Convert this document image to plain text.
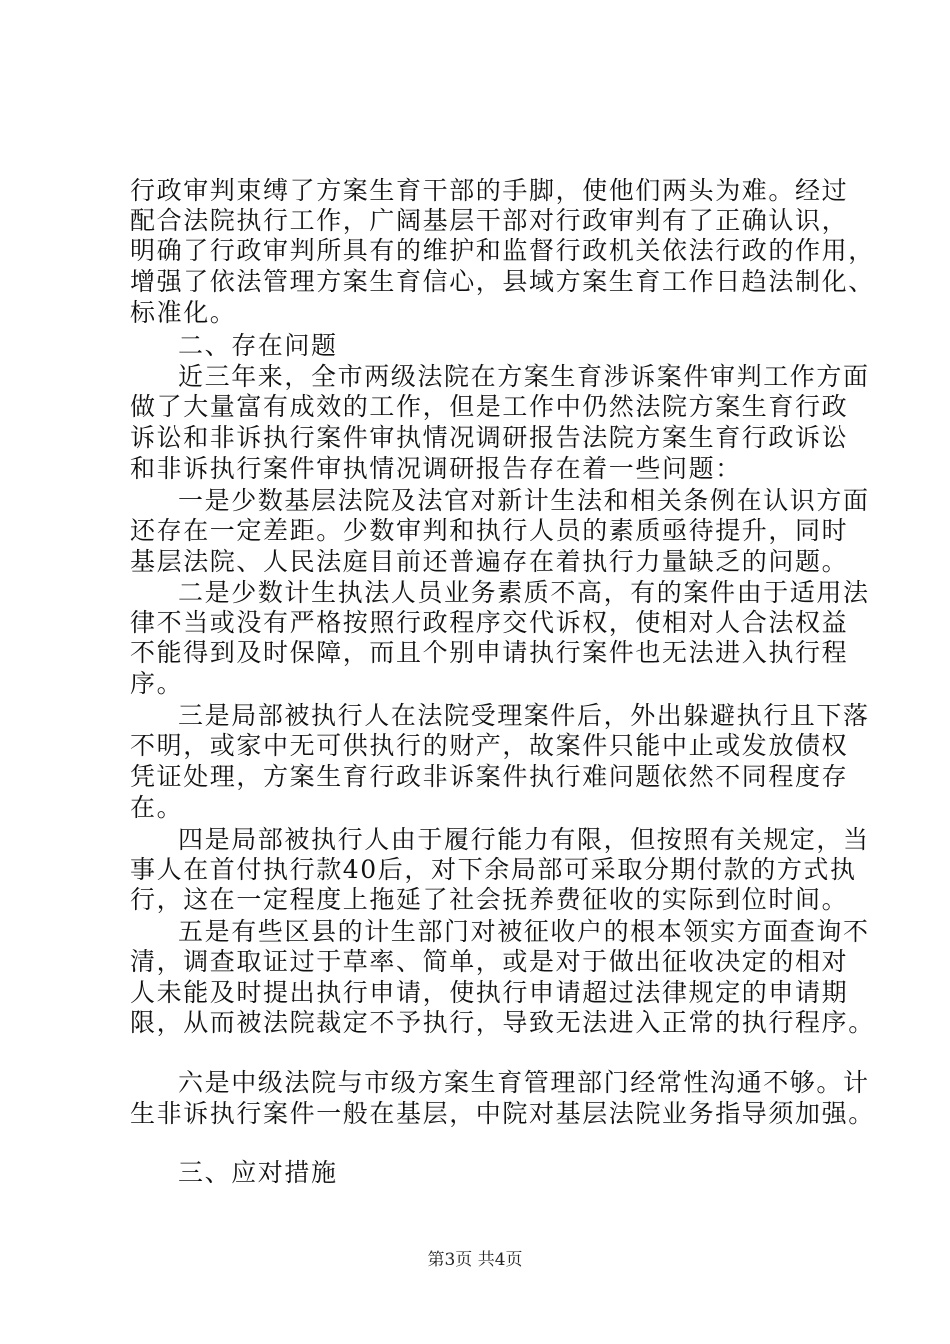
行政审判束缚了方案生育干部的手脚，使他们两头为难。经过
配合法院执行工作，广阔基层干部对行政审判有了正确认识，
明确了行政审判所具有的维护和监督行政机关依法行政的作用，
增强了依法管理方案生育信心，县域方案生育工作日趋法制化、
标准化。
二、存在问题
近三年来，全市两级法院在方案生育涉诉案件审判工作方面
做了大量富有成效的工作，但是工作中仍然法院方案生育行政
诉讼和非诉执行案件审执情况调研报告法院方案生育行政诉讼
和非诉执行案件审执情况调研报告存在着一些问题：
一是少数基层法院及法官对新计生法和相关条例在认识方面
还存在一定差距。少数审判和执行人员的素质亟待提升，同时
基层法院、人民法庭目前还普遍存在着执行力量缺乏的问题。
二是少数计生执法人员业务素质不高，有的案件由于适用法
律不当或没有严格按照行政程序交代诉权，使相对人合法权益
不能得到及时保障，而且个别申请执行案件也无法进入执行程
序。
三是局部被执行人在法院受理案件后，外出躲避执行且下落
不明，或家中无可供执行的财产，故案件只能中止或发放债权
凭证处理，方案生育行政非诉案件执行难问题依然不同程度存
在。
四是局部被执行人由于履行能力有限，但按照有关规定，当
事人在首付执行款40后，对下余局部可采取分期付款的方式执
行，这在一定程度上拖延了社会抚养费征收的实际到位时间。
五是有些区县的计生部门对被征收户的根本领实方面查询不
清，调查取证过于草率、简单，或是对于做出征收决定的相对
人未能及时提出执行申请，使执行申请超过法律规定的申请期
限，从而被法院裁定不予执行，导致无法进入正常的执行程序。
六是中级法院与市级方案生育管理部门经常性沟通不够。计
生非诉执行案件一般在基层，中院对基层法院业务指导须加强。
三、应对措施
第3页 共4页
